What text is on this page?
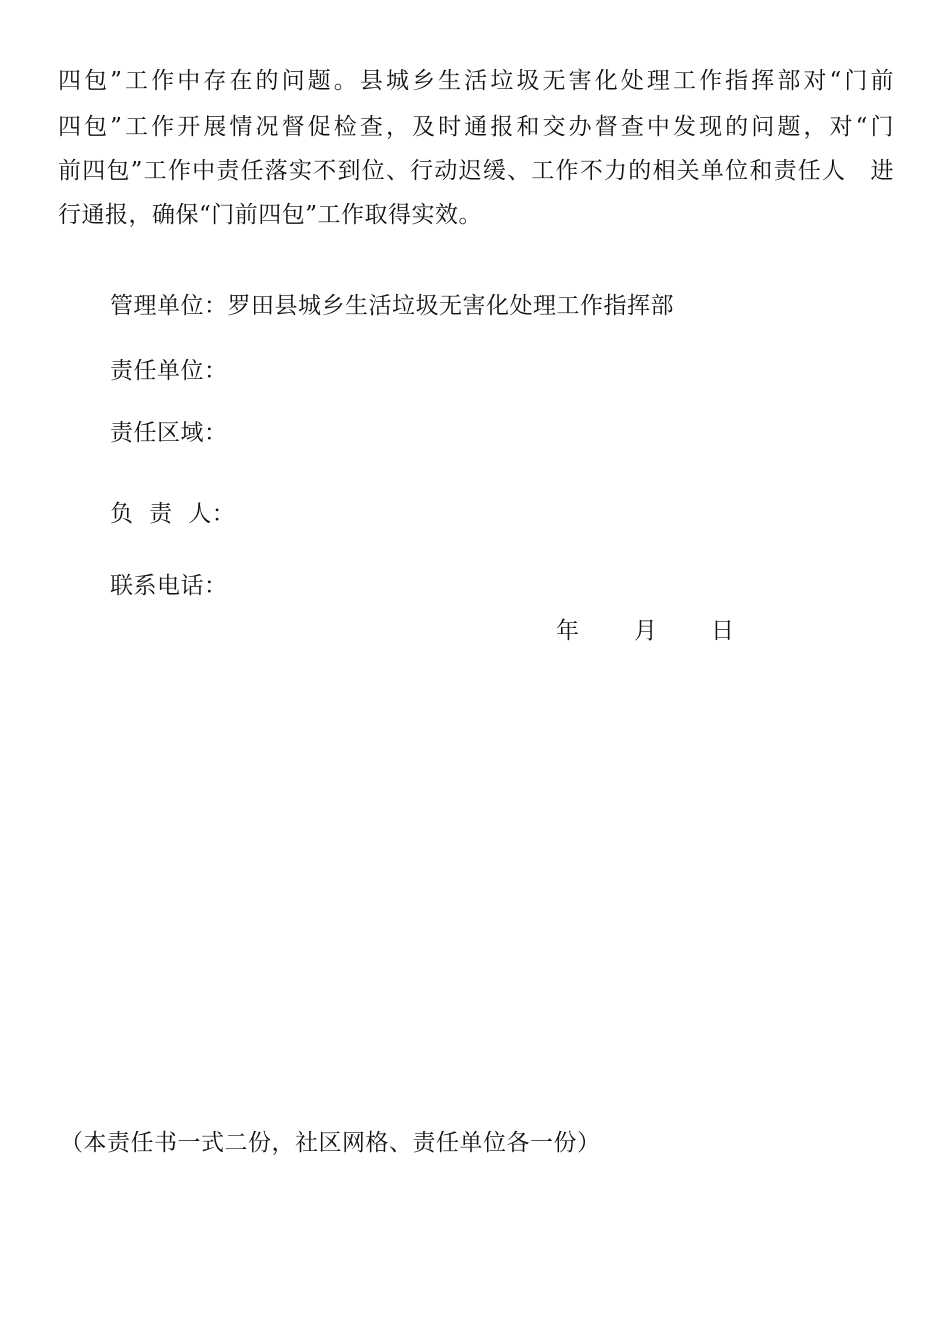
四包”工作中存在的问题。县城乡生活垃圾无害化处理工作指挥部对“门前
四包”工作开展情况督促检查，及时通报和交办督查中发现的问题，对“门
前四包”工作中责任落实不到位、行动迟缓、工作不力的相关单位和责任人　进
行通报，确保“门前四包”工作取得实效。
管理单位：罗田县城乡生活垃圾无害化处理工作指挥部
责任单位：
责任区域：
负  责  人：
联系电话：
年 月 日
（本责任书一式二份，社区网格、责任单位各一份）
